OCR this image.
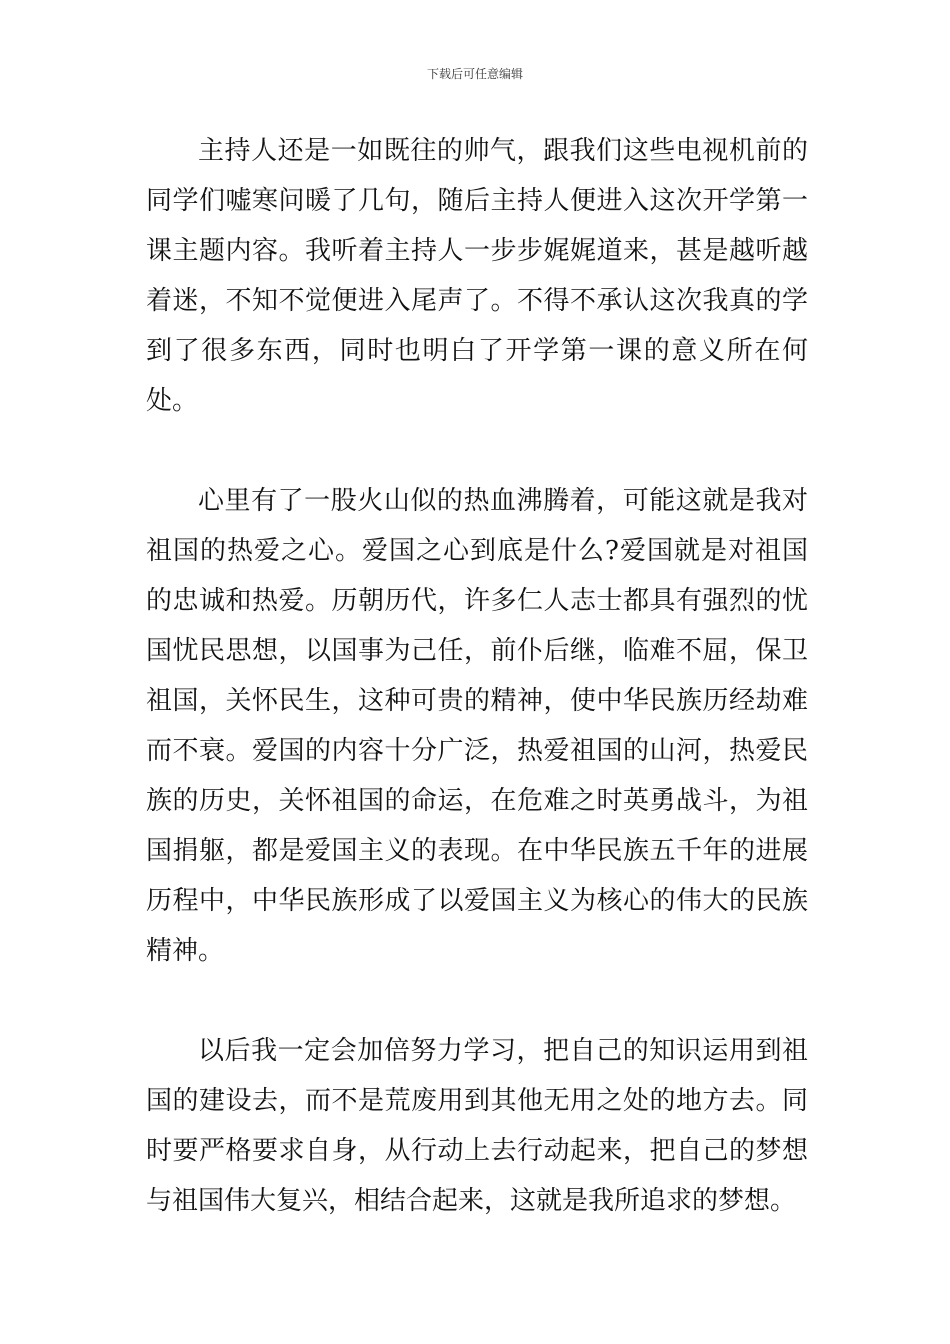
下载后可任意编辑

主持人还是一如既往的帅气，跟我们这些电视机前的同学们嘘寒问暖了几句，随后主持人便进入这次开学第一课主题内容。我听着主持人一步步娓娓道来，甚是越听越着迷，不知不觉便进入尾声了。不得不承认这次我真的学到了很多东西，同时也明白了开学第一课的意义所在何处。

心里有了一股火山似的热血沸腾着，可能这就是我对祖国的热爱之心。爱国之心到底是什么?爱国就是对祖国的忠诚和热爱。历朝历代，许多仁人志士都具有强烈的忧国忧民思想，以国事为己任，前仆后继，临难不屈，保卫祖国，关怀民生，这种可贵的精神，使中华民族历经劫难而不衰。爱国的内容十分广泛，热爱祖国的山河，热爱民族的历史，关怀祖国的命运，在危难之时英勇战斗，为祖国捐躯，都是爱国主义的表现。在中华民族五千年的进展历程中，中华民族形成了以爱国主义为核心的伟大的民族精神。

以后我一定会加倍努力学习，把自己的知识运用到祖国的建设去，而不是荒废用到其他无用之处的地方去。同时要严格要求自身，从行动上去行动起来，把自己的梦想与祖国伟大复兴，相结合起来，这就是我所追求的梦想。
